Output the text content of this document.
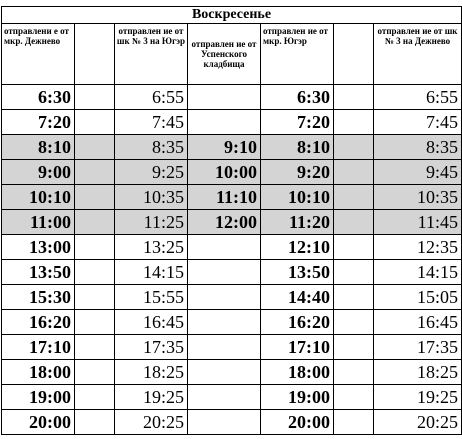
Воскресенье						
отправлени е от мкр. Дежнево		отправлен ие от шк № 3 на Югэр	отправлен ие от Успенского кладбища	отправлен ие от мкр. Югэр		отправлен ие от шк № 3 на Дежнево
6:30		6:55		6:30		6:55
7:20		7:45		7:20		7:45
8:10		8:35	9:10	8:10		8:35
9:00		9:25	10:00	9:20		9:45
10:10		10:35	11:10	10:10		10:35
11:00		11:25	12:00	11:20		11:45
13:00		13:25		12:10		12:35
13:50		14:15		13:50		14:15
15:30		15:55		14:40		15:05
16:20		16:45		16:20		16:45
17:10		17:35		17:10		17:35
18:00		18:25		18:00		18:25
19:00		19:25		19:00		19:25
20:00		20:25		20:00		20:25
